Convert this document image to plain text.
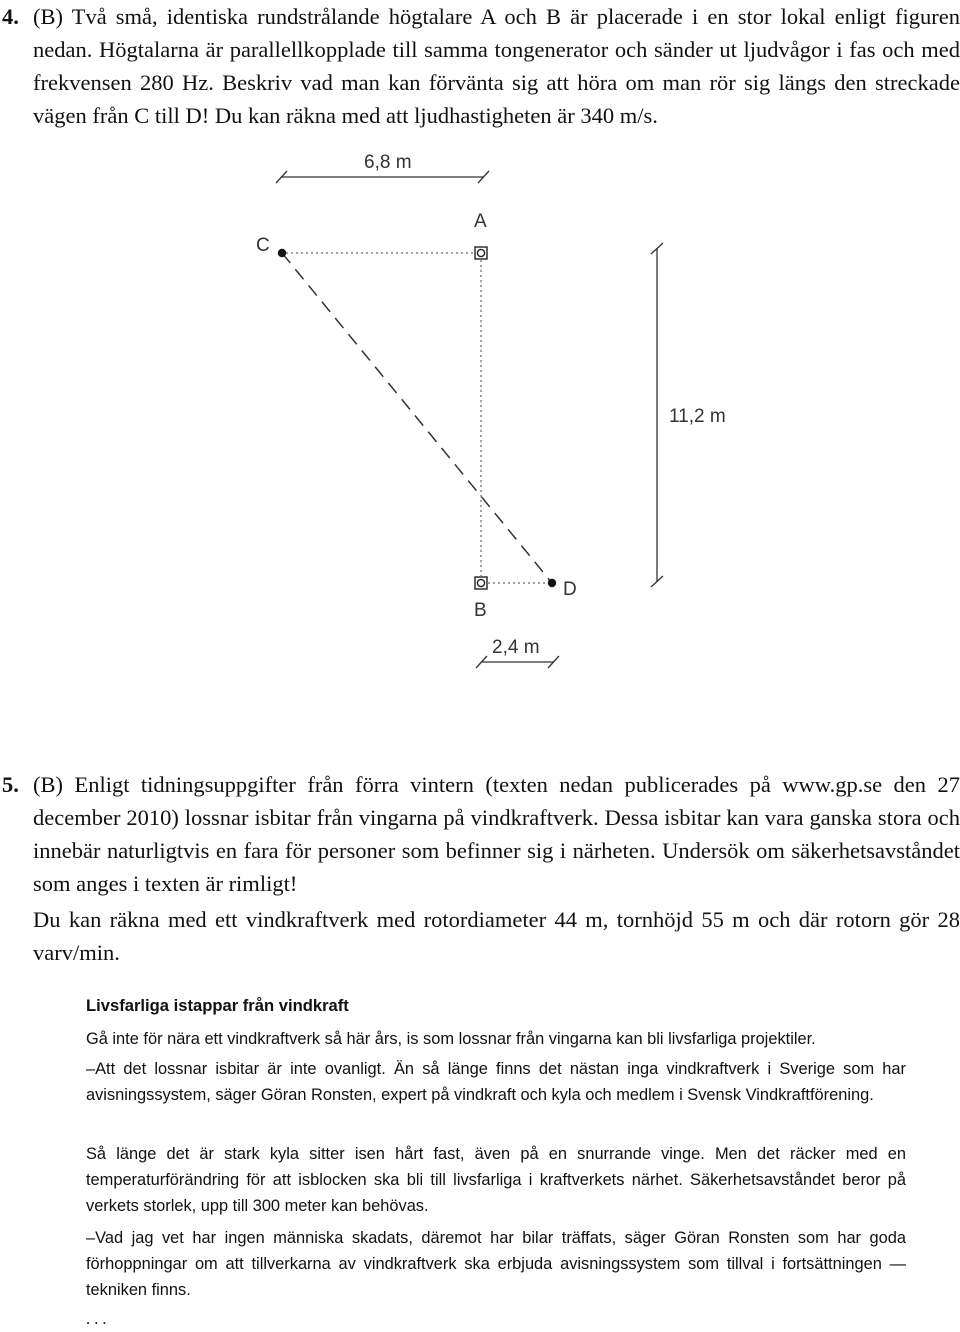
4. (B) Två små, identiska rundstrålande högtalare A och B är placerade i en stor lokal enligt figuren nedan. Högtalarna är parallellkopplade till samma tongenerator och sänder ut ljudvågor i fas och med frekvensen 280 Hz. Beskriv vad man kan förvänta sig att höra om man rör sig längs den streckade vägen från C till D! Du kan räkna med att ljudhastigheten är 340 m/s.
6,8 m
11,2 m
2,4 m
A
C
B
D
5. (B) Enligt tidningsuppgifter från förra vintern (texten nedan publicerades på www.gp.se den 27 december 2010) lossnar isbitar från vingarna på vindkraftverk. Dessa isbitar kan vara ganska stora och innebär naturligtvis en fara för personer som befinner sig i närheten. Undersök om säkerhetsavståndet som anges i texten är rimligt!
Du kan räkna med ett vindkraftverk med rotordiameter 44 m, tornhöjd 55 m och där rotorn gör 28 varv/min.
Livsfarliga istappar från vindkraft

Gå inte för nära ett vindkraftverk så här års, is som lossnar från vingarna kan bli livsfarliga projektiler.

–Att det lossnar isbitar är inte ovanligt. Än så länge finns det nästan inga vindkraftverk i Sverige som har avisningssystem, säger Göran Ronsten, expert på vindkraft och kyla och medlem i Svensk Vindkraftförening.

Så länge det är stark kyla sitter isen hårt fast, även på en snurrande vinge. Men det räcker med en temperaturförändring för att isblocken ska bli till livsfarliga i kraftverkets närhet. Säkerhetsavståndet beror på verkets storlek, upp till 300 meter kan behövas.

–Vad jag vet har ingen människa skadats, däremot har bilar träffats, säger Göran Ronsten som har goda förhoppningar om att tillverkarna av vindkraftverk ska erbjuda avisningssystem som tillval i fortsättningen — tekniken finns.

. . .
